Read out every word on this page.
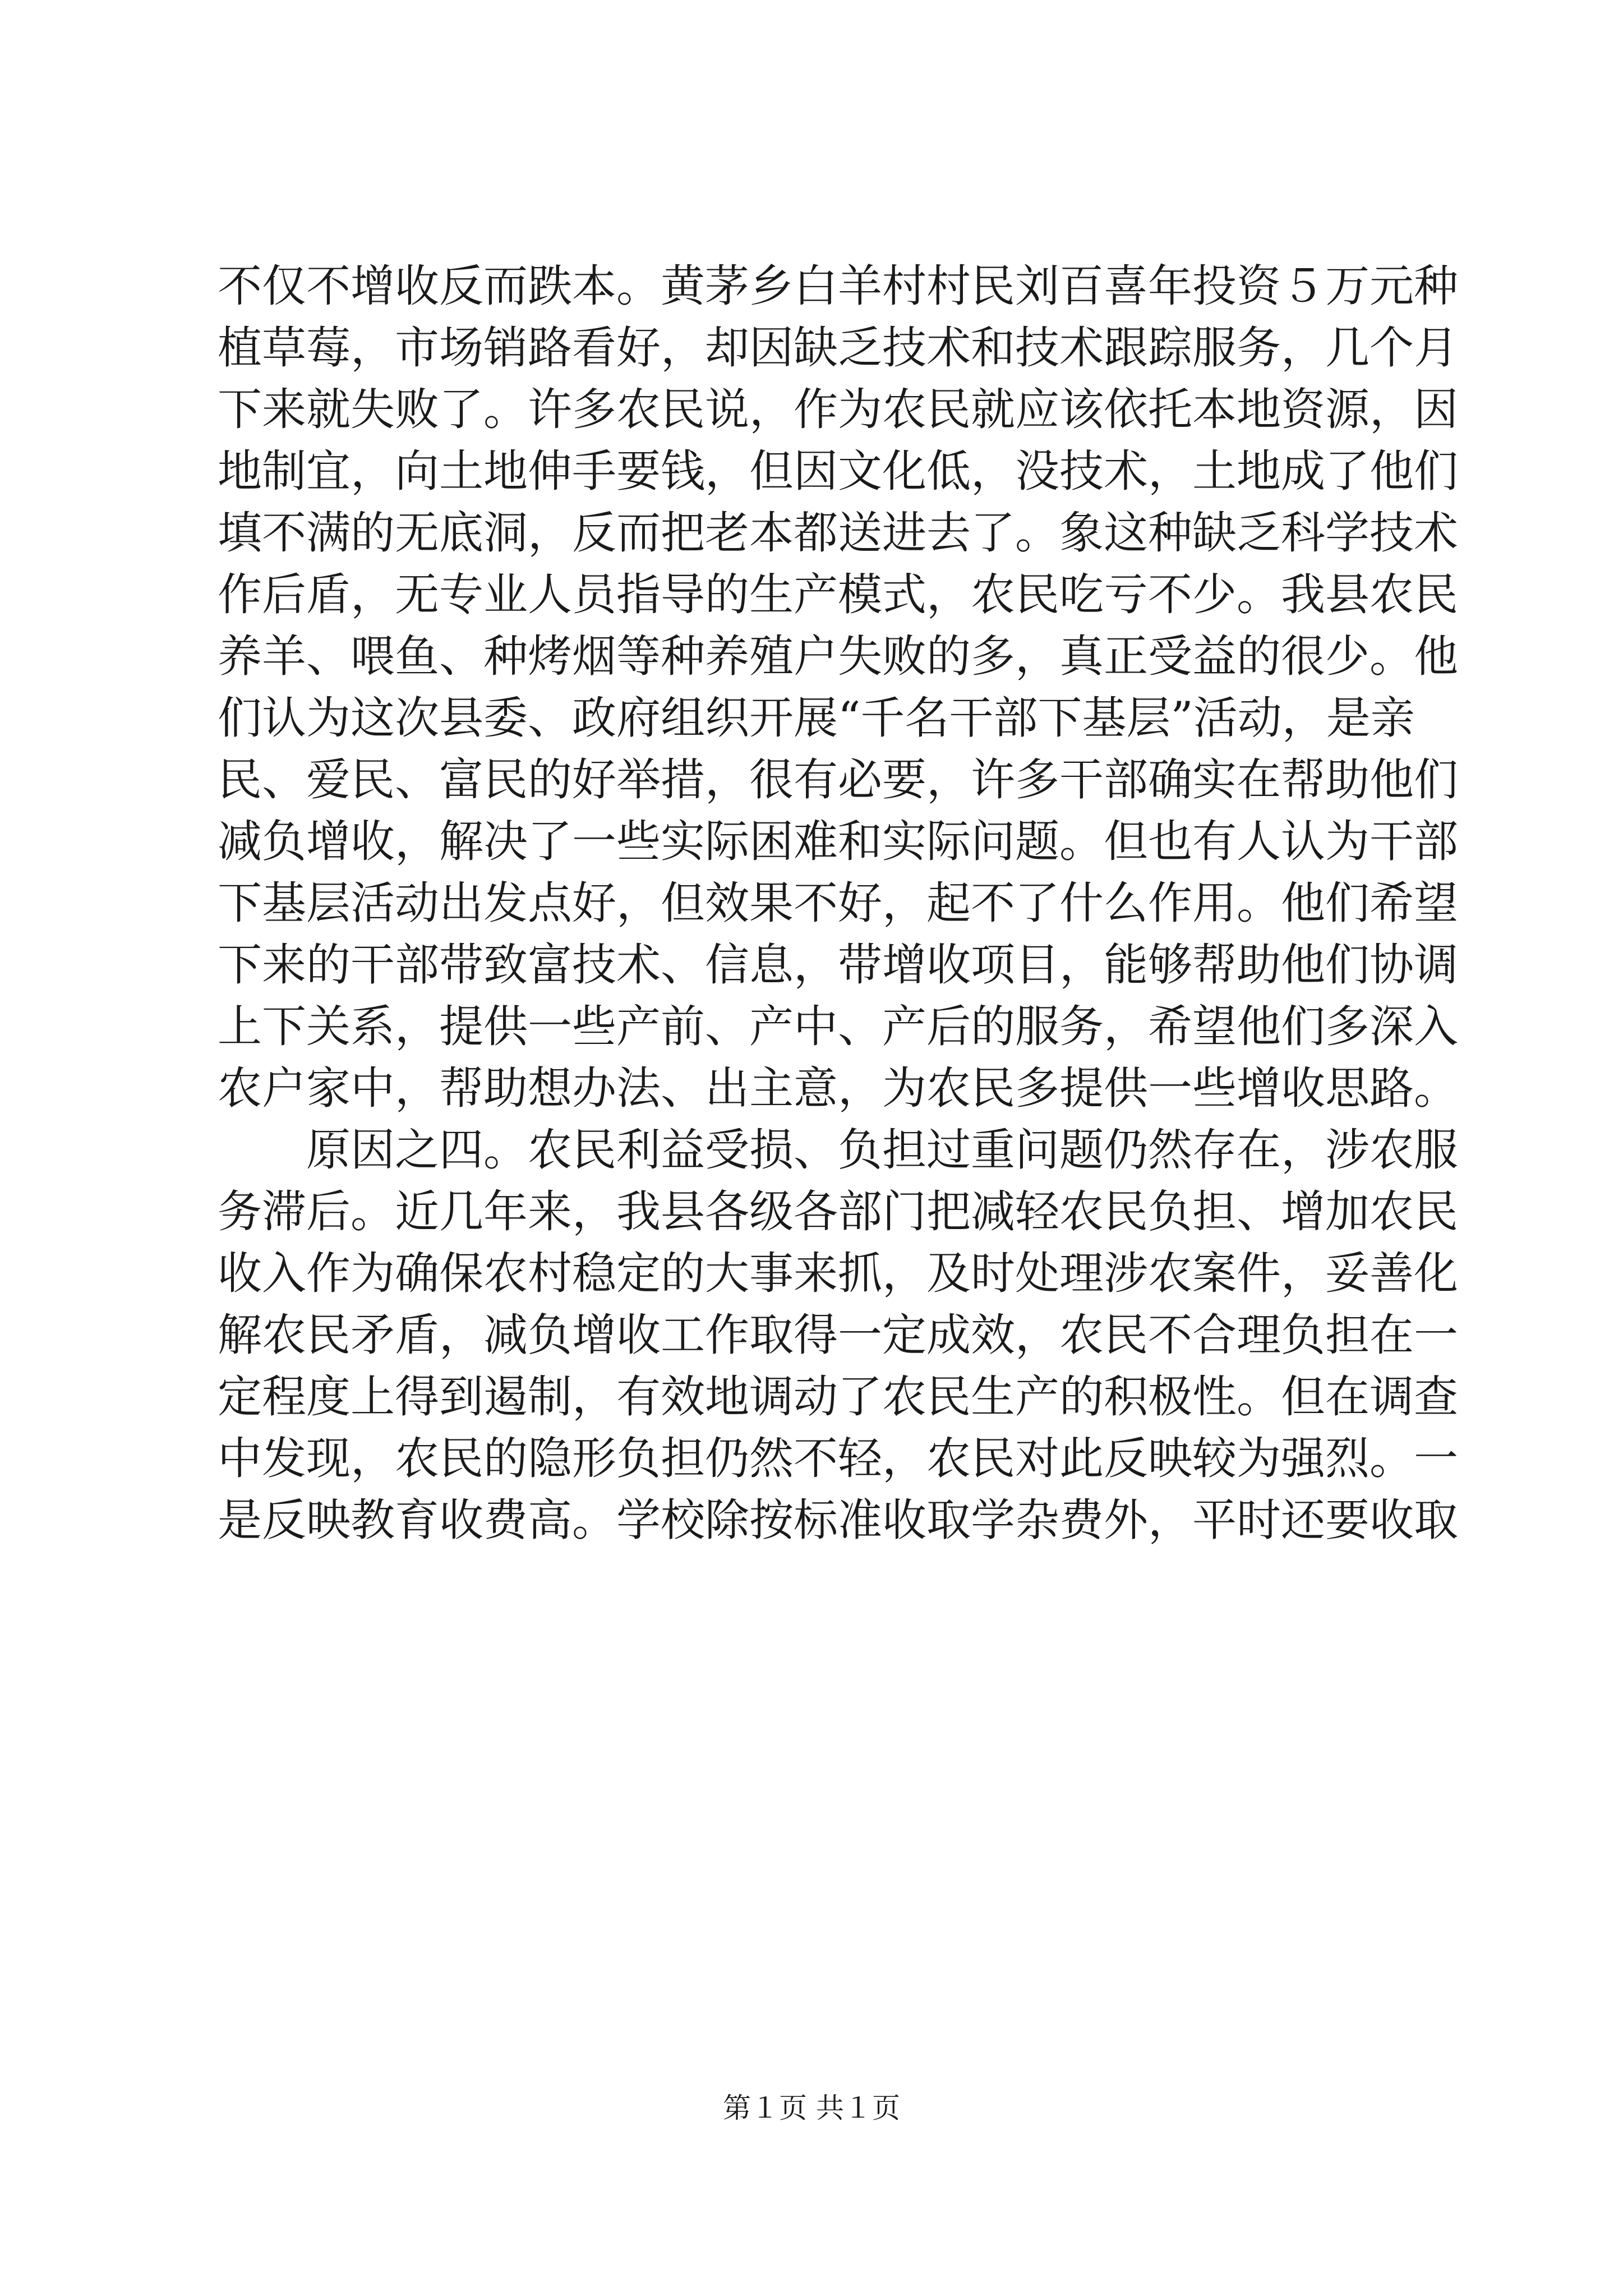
不仅不增收反而跌本。黄茅乡白羊村村民刘百喜年投资５万元种
植草莓，市场销路看好，却因缺乏技术和技术跟踪服务，几个月
下来就失败了。许多农民说，作为农民就应该依托本地资源，因
地制宜，向土地伸手要钱，但因文化低，没技术，土地成了他们
填不满的无底洞，反而把老本都送进去了。象这种缺乏科学技术
作后盾，无专业人员指导的生产模式，农民吃亏不少。我县农民
养羊、喂鱼、种烤烟等种养殖户失败的多，真正受益的很少。他
们认为这次县委、政府组织开展“千名干部下基层”活动，是亲
民、爱民、富民的好举措，很有必要，许多干部确实在帮助他们
减负增收，解决了一些实际困难和实际问题。但也有人认为干部
下基层活动出发点好，但效果不好，起不了什么作用。他们希望
下来的干部带致富技术、信息，带增收项目，能够帮助他们协调
上下关系，提供一些产前、产中、产后的服务，希望他们多深入
农户家中，帮助想办法、出主意，为农民多提供一些增收思路。
原因之四。农民利益受损、负担过重问题仍然存在，涉农服
务滞后。近几年来，我县各级各部门把减轻农民负担、增加农民
收入作为确保农村稳定的大事来抓，及时处理涉农案件，妥善化
解农民矛盾，减负增收工作取得一定成效，农民不合理负担在一
定程度上得到遏制，有效地调动了农民生产的积极性。但在调查
中发现，农民的隐形负担仍然不轻，农民对此反映较为强烈。一
是反映教育收费高。学校除按标准收取学杂费外，平时还要收取
第１页 共１页
